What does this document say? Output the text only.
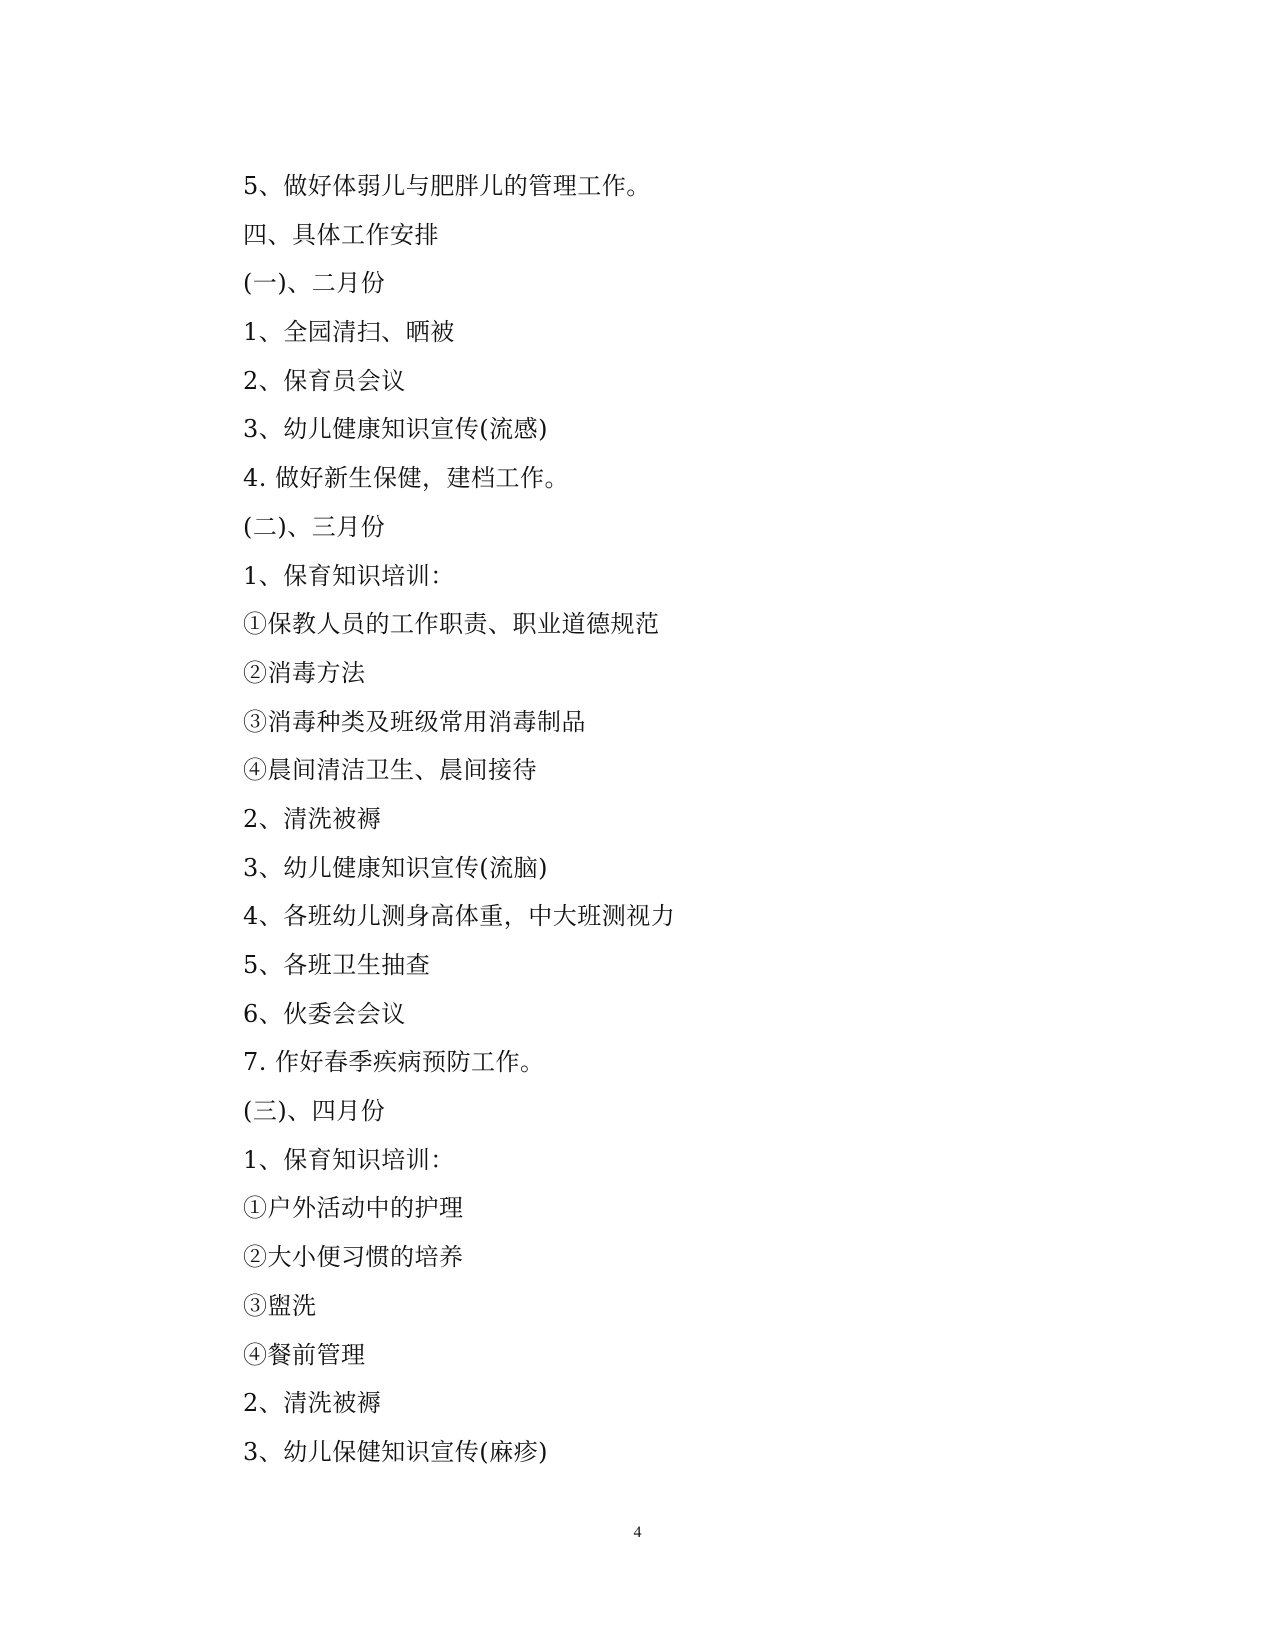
5、做好体弱儿与肥胖儿的管理工作。
四、具体工作安排
(一)、二月份
1、全园清扫、晒被
2、保育员会议
3、幼儿健康知识宣传(流感)
4. 做好新生保健，建档工作。
(二)、三月份
1、保育知识培训：
①保教人员的工作职责、职业道德规范
②消毒方法
③消毒种类及班级常用消毒制品
④晨间清洁卫生、晨间接待
2、清洗被褥
3、幼儿健康知识宣传(流脑)
4、各班幼儿测身高体重，中大班测视力
5、各班卫生抽查
6、伙委会会议
7. 作好春季疾病预防工作。
(三)、四月份
1、保育知识培训：
①户外活动中的护理
②大小便习惯的培养
③盥洗
④餐前管理
2、清洗被褥
3、幼儿保健知识宣传(麻疹)
4
